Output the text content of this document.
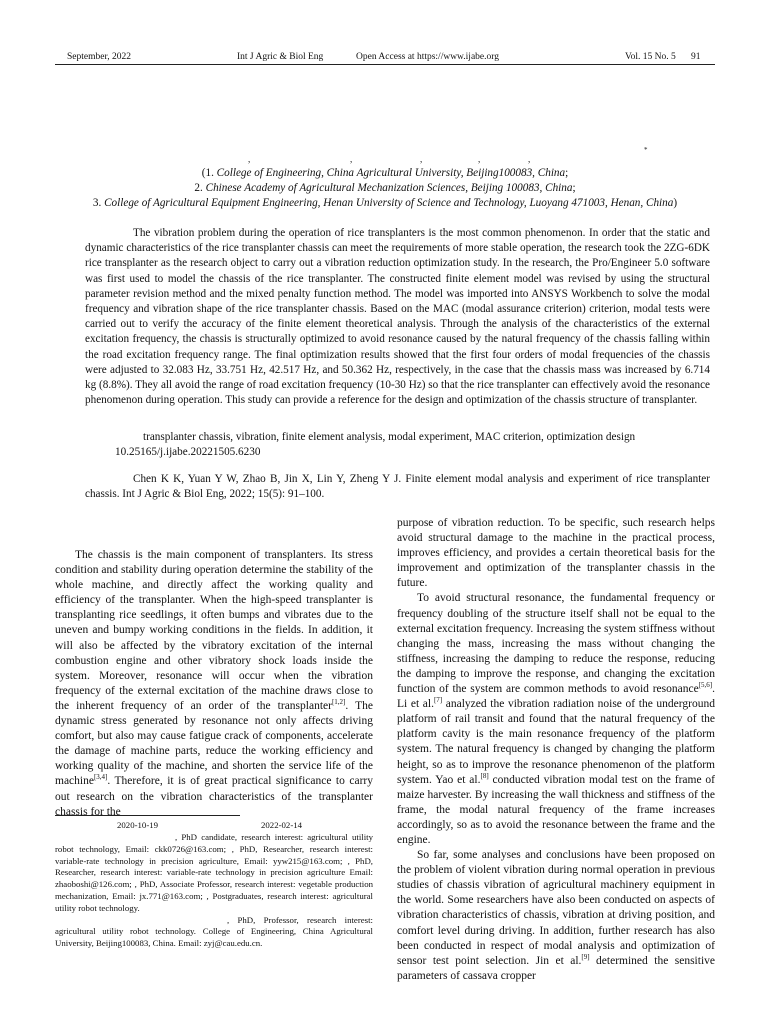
September, 2022	Int J Agric & Biol Eng	Open Access at https://www.ijabe.org	Vol. 15 No. 5 91
,	,	,	,	,
*
(1. College of Engineering, China Agricultural University, Beijing100083, China;
2. Chinese Academy of Agricultural Mechanization Sciences, Beijing 100083, China;
3. College of Agricultural Equipment Engineering, Henan University of Science and Technology, Luoyang 471003, Henan, China)

The vibration problem during the operation of rice transplanters is the most common phenomenon. In order that the static and dynamic characteristics of the rice transplanter chassis can meet the requirements of more stable operation, the research took the 2ZG-6DK rice transplanter as the research object to carry out a vibration reduction optimization study. In the research, the Pro/Engineer 5.0 software was first used to model the chassis of the rice transplanter. The constructed finite element model was revised by using the structural parameter revision method and the mixed penalty function method. The model was imported into ANSYS Workbench to solve the modal frequency and vibration shape of the rice transplanter chassis. Based on the MAC (modal assurance criterion) criterion, modal tests were carried out to verify the accuracy of the finite element theoretical analysis. Through the analysis of the characteristics of the external excitation frequency, the chassis is structurally optimized to avoid resonance caused by the natural frequency of the chassis falling within the road excitation frequency range. The final optimization results showed that the first four orders of modal frequencies of the chassis were adjusted to 32.083 Hz, 33.751 Hz, 42.517 Hz, and 50.362 Hz, respectively, in the case that the chassis mass was increased by 6.714 kg (8.8%). They all avoid the range of road excitation frequency (10-30 Hz) so that the rice transplanter can effectively avoid the resonance phenomenon during operation. This study can provide a reference for the design and optimization of the chassis structure of transplanter.

transplanter chassis, vibration, finite element analysis, modal experiment, MAC criterion, optimization design
10.25165/j.ijabe.20221505.6230
Chen K K, Yuan Y W, Zhao B, Jin X, Lin Y, Zheng Y J. Finite element modal analysis and experiment of rice transplanter chassis. Int J Agric & Biol Eng, 2022; 15(5): 91–100.

The chassis is the main component of transplanters. Its stress condition and stability during operation determine the stability of the whole machine, and directly affect the working quality and efficiency of the transplanter. When the high-speed transplanter is transplanting rice seedlings, it often bumps and vibrates due to the uneven and bumpy working conditions in the fields. In addition, it will also be affected by the vibratory excitation of the internal combustion engine and other vibratory shock loads inside the system. Moreover, resonance will occur when the vibration frequency of the external excitation of the machine draws close to the inherent frequency of an order of the transplanter[1,2]. The dynamic stress generated by resonance not only affects driving comfort, but also may cause fatigue crack of components, accelerate the damage of machine parts, reduce the working efficiency and working quality of the machine, and shorten the service life of the machine[3,4]. Therefore, it is of great practical significance to carry out research on the vibration characteristics of the transplanter chassis for the

purpose of vibration reduction. To be specific, such research helps avoid structural damage to the machine in the practical process, improves efficiency, and provides a certain theoretical basis for the improvement and optimization of the transplanter chassis in the future.

To avoid structural resonance, the fundamental frequency or frequency doubling of the structure itself shall not be equal to the external excitation frequency. Increasing the system stiffness without changing the mass, increasing the mass without changing the stiffness, increasing the damping to reduce the response, reducing the damping to improve the response, and changing the excitation function of the system are common methods to avoid resonance[5,6]. Li et al.[7] analyzed the vibration radiation noise of the underground platform of rail transit and found that the natural frequency of the platform cavity is the main resonance frequency of the platform system. The natural frequency is changed by changing the platform height, so as to improve the resonance phenomenon of the platform system. Yao et al.[8] conducted vibration modal test on the frame of maize harvester. By increasing the wall thickness and stiffness of the frame, the modal natural frequency of the frame increases accordingly, so as to avoid the resonance between the frame and the engine.

So far, some analyses and conclusions have been proposed on the problem of violent vibration during normal operation in previous studies of chassis vibration of agricultural machinery equipment in the world. Some researchers have also been conducted on aspects of vibration characteristics of chassis, vibration at driving position, and comfort level during driving. In addition, further research has also been conducted in respect of modal analysis and optimization of sensor test point selection. Jin et al.[9] determined the sensitive parameters of cassava cropper

2020-10-19	2022-02-14

, PhD candidate, research interest: agricultural utility robot technology, Email: ckk0726@163.com; , PhD, Researcher, research interest: variable-rate technology in precision agriculture, Email: yyw215@163.com; , PhD, Researcher, research interest: variable-rate technology in precision agriculture Email: zhaoboshi@126.com; , PhD, Associate Professor, research interest: vegetable production mechanization, Email: jx.771@163.com; , Postgraduates, research interest: agricultural utility robot technology.

, PhD, Professor, research interest: agricultural utility robot technology. College of Engineering, China Agricultural University, Beijing100083, China. Email: zyj@cau.edu.cn.
